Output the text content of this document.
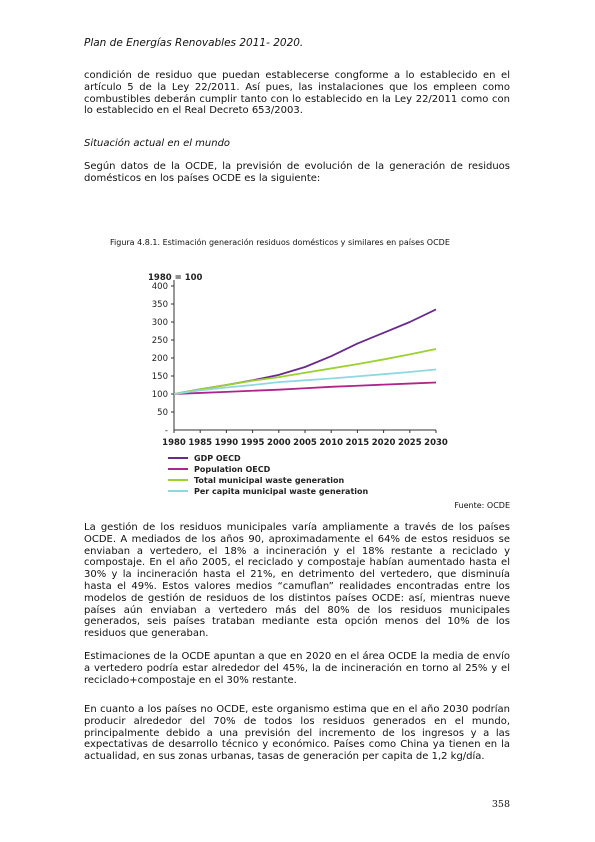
Plan de Energías Renovables 2011- 2020.
condición de residuo que puedan establecerse congforme a lo establecido en el artículo 5 de la Ley 22/2011. Así pues, las instalaciones que los empleen como combustibles deberán cumplir tanto con lo establecido en la Ley 22/2011 como con lo establecido en el Real Decreto 653/2003.
Situación actual en el mundo
Según datos de la OCDE, la previsión de evolución de la generación de residuos domésticos en los países OCDE es la siguiente:
Figura 4.8.1. Estimación generación residuos domésticos y similares en países OCDE
1980 = 100
50
100
150
200
250
300
350
400
-
1980 1985 1990 1995 2000 2005 2010 2015 2020 2025 2030
GDP OECD
Population OECD
Total municipal waste generation
Per capita municipal waste generation
Fuente: OCDE
La gestión de los residuos municipales varía ampliamente a través de los países OCDE. A mediados de los años 90, aproximadamente el 64% de estos residuos se enviaban a vertedero, el 18% a incineración y el 18% restante a reciclado y compostaje. En el año 2005, el reciclado y compostaje habían aumentado hasta el 30% y la incineración hasta el 21%, en detrimento del vertedero, que disminuía hasta el 49%. Estos valores medios “camuflan” realidades encontradas entre los modelos de gestión de residuos de los distintos países OCDE: así, mientras nueve países aún enviaban a vertedero más del 80% de los residuos municipales generados, seis países trataban mediante esta opción menos del 10% de los residuos que generaban.
Estimaciones de la OCDE apuntan a que en 2020 en el área OCDE la media de envío a vertedero podría estar alrededor del 45%, la de incineración en torno al 25% y el reciclado+compostaje en el 30% restante.
En cuanto a los países no OCDE, este organismo estima que en el año 2030 podrían producir alrededor del 70% de todos los residuos generados en el mundo, principalmente debido a una previsión del incremento de los ingresos y a las expectativas de desarrollo técnico y económico. Países como China ya tienen en la actualidad, en sus zonas urbanas, tasas de generación per capita de 1,2 kg/día.
358
